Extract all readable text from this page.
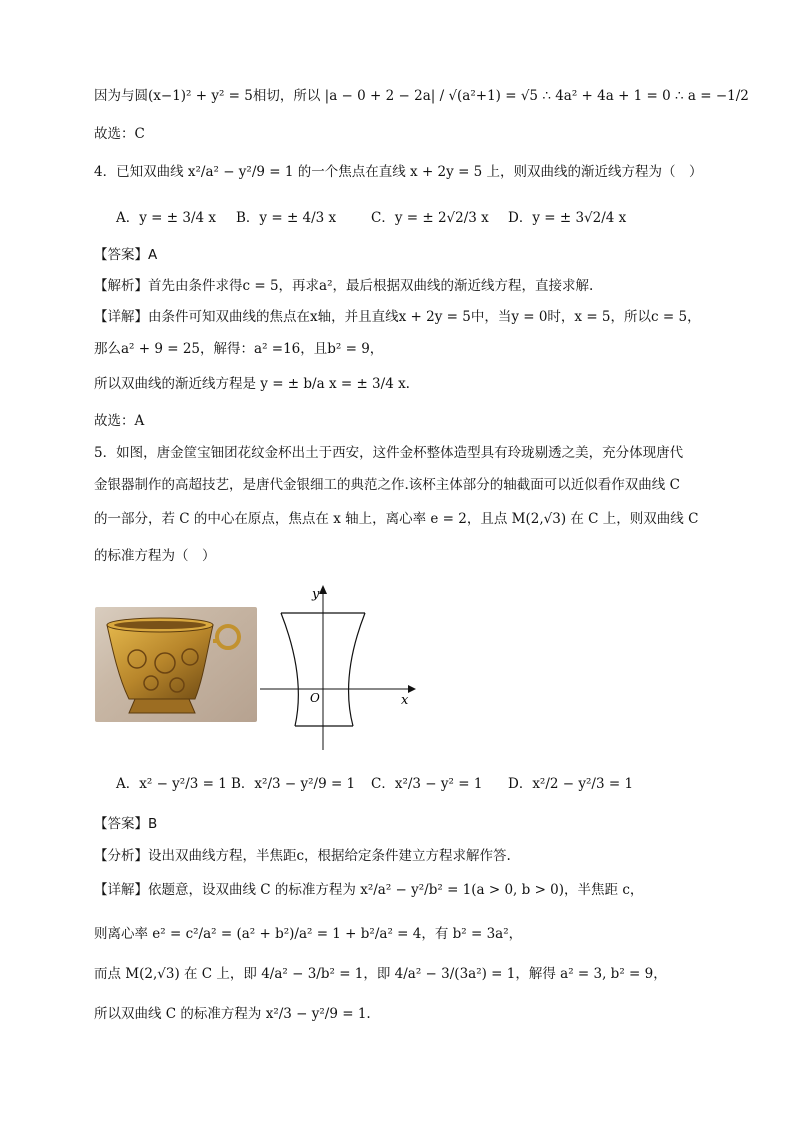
因为与圆(x−1)² + y² = 5相切，所以 |a − 0 + 2 − 2a| / √(a²+1) = √5 ∴ 4a² + 4a + 1 = 0 ∴ a = −1/2
故选：C
4．已知双曲线 x²/a² − y²/9 = 1 的一个焦点在直线 x + 2y = 5 上，则双曲线的渐近线方程为（　）
A．y = ± 3/4 x B．y = ± 4/3 x	C．y = ± 2√2/3 x D．y = ± 3√2/4 x
【答案】A
【解析】首先由条件求得c = 5，再求a²，最后根据双曲线的渐近线方程，直接求解.
【详解】由条件可知双曲线的焦点在x轴，并且直线x + 2y = 5中，当y = 0时，x = 5，所以c = 5，
那么a² + 9 = 25，解得：a² =16，且b² = 9，
所以双曲线的渐近线方程是 y = ± b/a x = ± 3/4 x.
故选：A
5．如图，唐金筐宝钿团花纹金杯出土于西安，这件金杯整体造型具有玲珑剔透之美，充分体现唐代
金银器制作的高超技艺，是唐代金银细工的典范之作.该杯主体部分的轴截面可以近似看作双曲线 C
的一部分，若 C 的中心在原点，焦点在 x 轴上，离心率 e = 2，且点 M(2,√3) 在 C 上，则双曲线 C
的标准方程为（　）
y
x
O
A．x² − y²/3 = 1 B．x²/3 − y²/9 = 1 C．x²/3 − y² = 1 D．x²/2 − y²/3 = 1
【答案】B
【分析】设出双曲线方程，半焦距c，根据给定条件建立方程求解作答.
【详解】依题意，设双曲线 C 的标准方程为 x²/a² − y²/b² = 1(a > 0, b > 0)，半焦距 c，
则离心率 e² = c²/a² = (a² + b²)/a² = 1 + b²/a² = 4，有 b² = 3a²，
而点 M(2,√3) 在 C 上，即 4/a² − 3/b² = 1，即 4/a² − 3/(3a²) = 1，解得 a² = 3, b² = 9，
所以双曲线 C 的标准方程为 x²/3 − y²/9 = 1.
